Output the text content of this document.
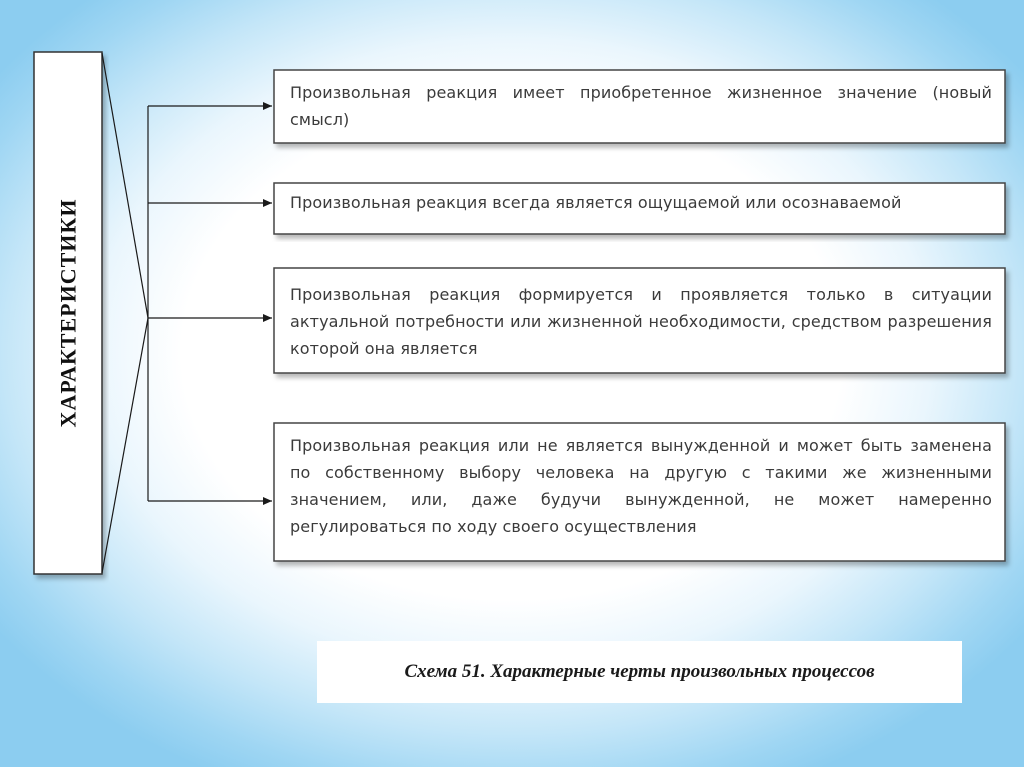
ХАРАКТЕРИСТИКИ
Произвольная реакция имеет приобретенное жизненное значение (новый смысл)
Произвольная реакция всегда является ощущаемой или осознаваемой
Произвольная реакция формируется и проявляется только в ситуации актуальной потребности или жизненной необходимости, средством разрешения которой она является
Произвольная реакция или не является вынужденной и может быть заменена по собственному выбору человека на другую с такими же жизненными значением, или, даже будучи вынужденной, не может намеренно регулироваться по ходу своего осуществления
Схема 51. Характерные черты произвольных процессов
